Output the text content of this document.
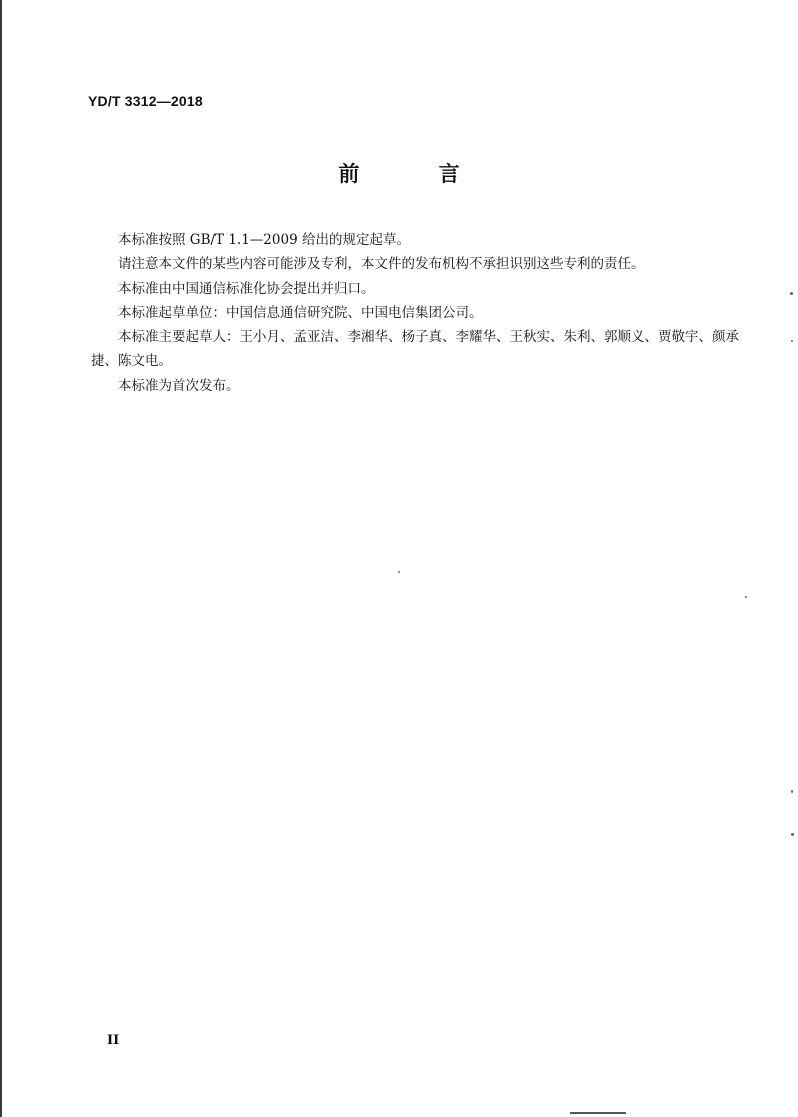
YD/T 3312—2018
前 言

本标准按照 GB/T 1.1—2009 给出的规定起草。

请注意本文件的某些内容可能涉及专利，本文件的发布机构不承担识别这些专利的责任。

本标准由中国通信标准化协会提出并归口。

本标准起草单位：中国信息通信研究院、中国电信集团公司。

本标准主要起草人：王小月、孟亚洁、李湘华、杨子真、李耀华、王秋实、朱利、郭顺义、贾敬宇、颜承捷、陈文电。

本标准为首次发布。

II
